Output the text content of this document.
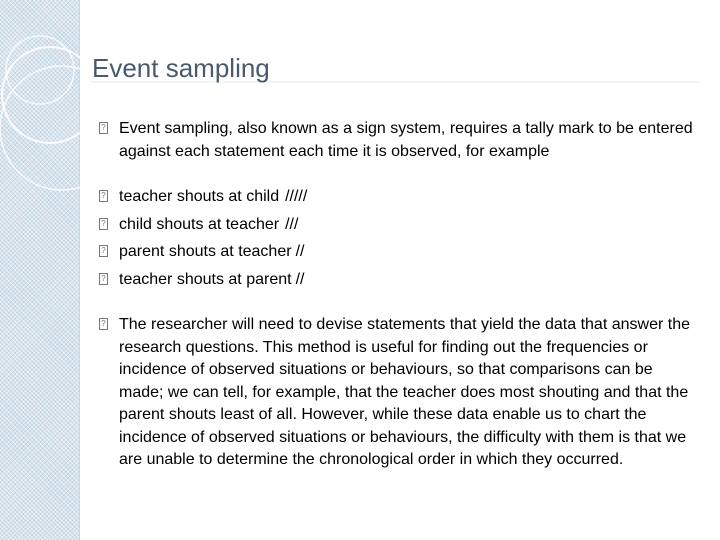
Event sampling
? Event sampling, also known as a sign system, requires a tally mark to be entered against each statement each time it is observed, for example
? teacher shouts at child /////
? child shouts at teacher ///
? parent shouts at teacher //
? teacher shouts at parent //
? The researcher will need to devise statements that yield the data that answer the research questions. This method is useful for finding out the frequencies or incidence of observed situations or behaviours, so that comparisons can be made; we can tell, for example, that the teacher does most shouting and that the parent shouts least of all. However, while these data enable us to chart the incidence of observed situations or behaviours, the difficulty with them is that we are unable to determine the chronological order in which they occurred.
